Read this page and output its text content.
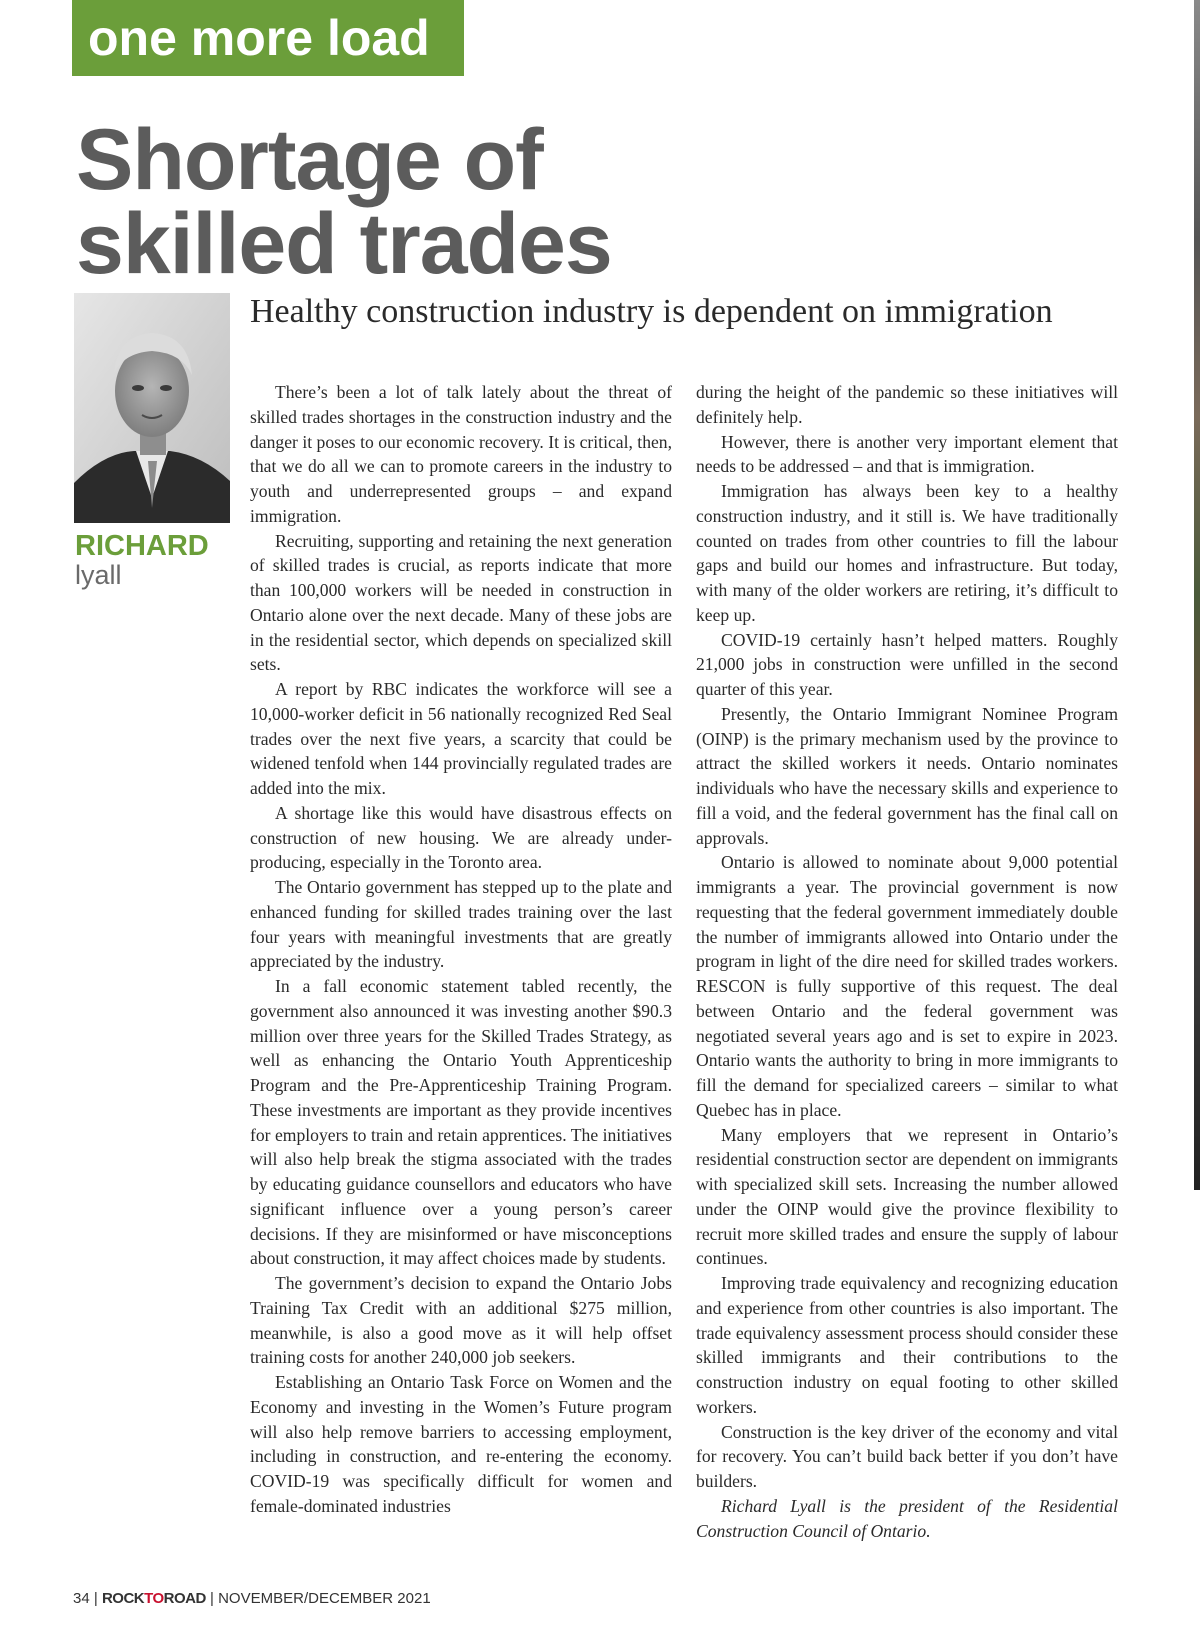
one more load
Shortage of
skilled trades
RICHARD
lyall
Healthy construction industry is dependent on immigration

There’s been a lot of talk lately about the threat of skilled trades shortages in the construction industry and the danger it poses to our economic recovery. It is critical, then, that we do all we can to promote careers in the industry to youth and underrepresented groups – and expand immigration.

Recruiting, supporting and retaining the next generation of skilled trades is crucial, as reports indicate that more than 100,000 workers will be needed in construction in Ontario alone over the next decade. Many of these jobs are in the residential sector, which depends on specialized skill sets.

A report by RBC indicates the workforce will see a 10,000-worker deficit in 56 nationally recognized Red Seal trades over the next five years, a scarcity that could be widened tenfold when 144 provincially regulated trades are added into the mix.

A shortage like this would have disastrous effects on construction of new housing. We are already under-producing, especially in the Toronto area.

The Ontario government has stepped up to the plate and enhanced funding for skilled trades training over the last four years with meaningful investments that are greatly appreciated by the industry.

In a fall economic statement tabled recently, the government also announced it was investing another $90.3 million over three years for the Skilled Trades Strategy, as well as enhancing the Ontario Youth Apprenticeship Program and the Pre-Apprenticeship Training Program. These investments are important as they provide incentives for employers to train and retain apprentices. The initiatives will also help break the stigma associated with the trades by educating guidance counsellors and educators who have significant influence over a young person’s career decisions. If they are misinformed or have misconceptions about construction, it may affect choices made by students.

The government’s decision to expand the Ontario Jobs Training Tax Credit with an additional $275 million, meanwhile, is also a good move as it will help offset training costs for another 240,000 job seekers.

Establishing an Ontario Task Force on Women and the Economy and investing in the Women’s Future program will also help remove barriers to accessing employment, including in construction, and re-entering the economy. COVID-19 was specifically difficult for women and female-dominated industries

during the height of the pandemic so these initiatives will definitely help.

However, there is another very important element that needs to be addressed – and that is immigration.

Immigration has always been key to a healthy construction industry, and it still is. We have traditionally counted on trades from other countries to fill the labour gaps and build our homes and infrastructure. But today, with many of the older workers are retiring, it’s difficult to keep up.

COVID-19 certainly hasn’t helped matters. Roughly 21,000 jobs in construction were unfilled in the second quarter of this year.

Presently, the Ontario Immigrant Nominee Program (OINP) is the primary mechanism used by the province to attract the skilled workers it needs. Ontario nominates individuals who have the necessary skills and experience to fill a void, and the federal government has the final call on approvals.

Ontario is allowed to nominate about 9,000 potential immigrants a year. The provincial government is now requesting that the federal government immediately double the number of immigrants allowed into Ontario under the program in light of the dire need for skilled trades workers. RESCON is fully supportive of this request. The deal between Ontario and the federal government was negotiated several years ago and is set to expire in 2023. Ontario wants the authority to bring in more immigrants to fill the demand for specialized careers – similar to what Quebec has in place.

Many employers that we represent in Ontario’s residential construction sector are dependent on immigrants with specialized skill sets. Increasing the number allowed under the OINP would give the province flexibility to recruit more skilled trades and ensure the supply of labour continues.

Improving trade equivalency and recognizing education and experience from other countries is also important. The trade equivalency assessment process should consider these skilled immigrants and their contributions to the construction industry on equal footing to other skilled workers.

Construction is the key driver of the economy and vital for recovery. You can’t build back better if you don’t have builders.

Richard Lyall is the president of the Residential Construction Council of Ontario.

34 | ROCKTOROAD | NOVEMBER/DECEMBER 2021
